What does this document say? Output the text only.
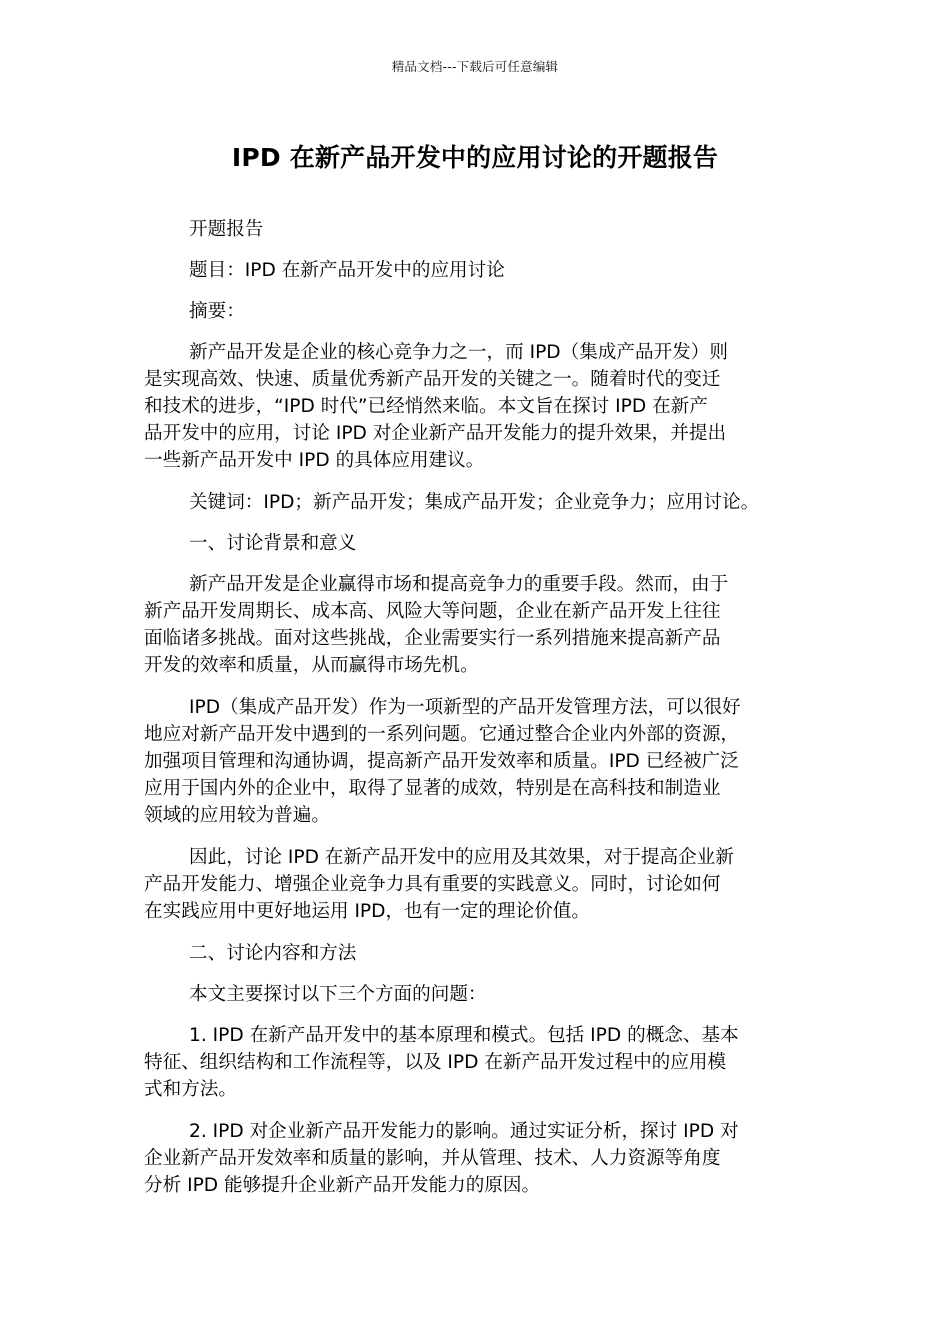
精品文档---下载后可任意编辑
IPD 在新产品开发中的应用讨论的开题报告

开题报告

题目：IPD 在新产品开发中的应用讨论

摘要：

新产品开发是企业的核心竞争力之一，而 IPD（集成产品开发）则
是实现高效、快速、质量优秀新产品开发的关键之一。随着时代的变迁
和技术的进步，“IPD 时代”已经悄然来临。本文旨在探讨 IPD 在新产
品开发中的应用，讨论 IPD 对企业新产品开发能力的提升效果，并提出
一些新产品开发中 IPD 的具体应用建议。

关键词：IPD；新产品开发；集成产品开发；企业竞争力；应用讨论。

一、讨论背景和意义

新产品开发是企业赢得市场和提高竞争力的重要手段。然而，由于
新产品开发周期长、成本高、风险大等问题，企业在新产品开发上往往
面临诸多挑战。面对这些挑战，企业需要实行一系列措施来提高新产品
开发的效率和质量，从而赢得市场先机。

IPD（集成产品开发）作为一项新型的产品开发管理方法，可以很好
地应对新产品开发中遇到的一系列问题。它通过整合企业内外部的资源，
加强项目管理和沟通协调，提高新产品开发效率和质量。IPD 已经被广泛
应用于国内外的企业中，取得了显著的成效，特别是在高科技和制造业
领域的应用较为普遍。

因此，讨论 IPD 在新产品开发中的应用及其效果，对于提高企业新
产品开发能力、增强企业竞争力具有重要的实践意义。同时，讨论如何
在实践应用中更好地运用 IPD，也有一定的理论价值。

二、讨论内容和方法

本文主要探讨以下三个方面的问题：

1. IPD 在新产品开发中的基本原理和模式。包括 IPD 的概念、基本
特征、组织结构和工作流程等，以及 IPD 在新产品开发过程中的应用模
式和方法。

2. IPD 对企业新产品开发能力的影响。通过实证分析，探讨 IPD 对
企业新产品开发效率和质量的影响，并从管理、技术、人力资源等角度
分析 IPD 能够提升企业新产品开发能力的原因。
